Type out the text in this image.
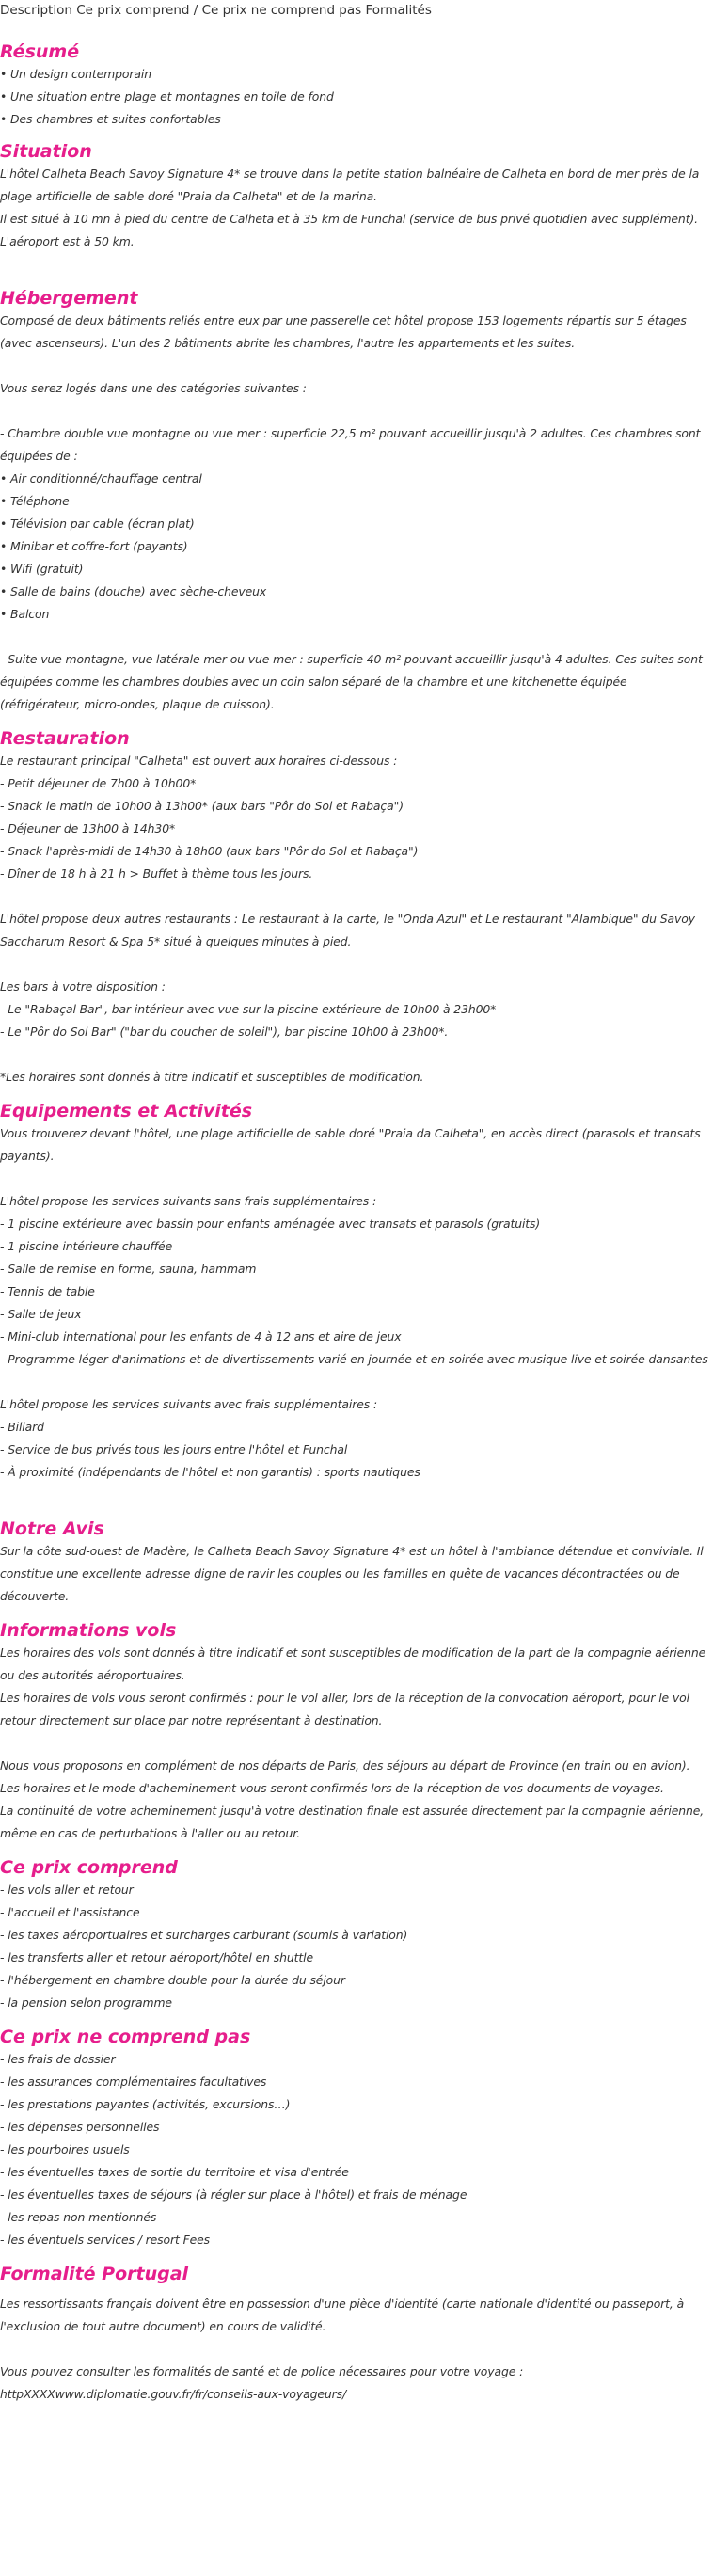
Description Ce prix comprend / Ce prix ne comprend pas Formalités
Résumé
• Un design contemporain
• Une situation entre plage et montagnes en toile de fond
• Des chambres et suites confortables
Situation
L'hôtel Calheta Beach Savoy Signature 4* se trouve dans la petite station balnéaire de Calheta en bord de mer près de la
plage artificielle de sable doré "Praia da Calheta" et de la marina.
Il est situé à 10 mn à pied du centre de Calheta et à 35 km de Funchal (service de bus privé quotidien avec supplément).
L'aéroport est à 50 km.
Hébergement
Composé de deux bâtiments reliés entre eux par une passerelle cet hôtel propose 153 logements répartis sur 5 étages
(avec ascenseurs). L'un des 2 bâtiments abrite les chambres, l'autre les appartements et les suites.
Vous serez logés dans une des catégories suivantes :
- Chambre double vue montagne ou vue mer : superficie 22,5 m² pouvant accueillir jusqu'à 2 adultes. Ces chambres sont
équipées de :
• Air conditionné/chauffage central
• Téléphone
• Télévision par cable (écran plat)
• Minibar et coffre-fort (payants)
• Wifi (gratuit)
• Salle de bains (douche) avec sèche-cheveux
• Balcon
- Suite vue montagne, vue latérale mer ou vue mer : superficie 40 m² pouvant accueillir jusqu'à 4 adultes. Ces suites sont
équipées comme les chambres doubles avec un coin salon séparé de la chambre et une kitchenette équipée
(réfrigérateur, micro-ondes, plaque de cuisson).
Restauration
Le restaurant principal "Calheta" est ouvert aux horaires ci-dessous :
- Petit déjeuner de 7h00 à 10h00*
- Snack le matin de 10h00 à 13h00* (aux bars "Pôr do Sol et Rabaça")
- Déjeuner de 13h00 à 14h30*
- Snack l'après-midi de 14h30 à 18h00 (aux bars "Pôr do Sol et Rabaça")
- Dîner de 18 h à 21 h > Buffet à thème tous les jours.
L'hôtel propose deux autres restaurants : Le restaurant à la carte, le "Onda Azul" et Le restaurant "Alambique" du Savoy
Saccharum Resort & Spa 5* situé à quelques minutes à pied.
Les bars à votre disposition :
- Le "Rabaçal Bar", bar intérieur avec vue sur la piscine extérieure de 10h00 à 23h00*
- Le "Pôr do Sol Bar" ("bar du coucher de soleil"), bar piscine 10h00 à 23h00*.
*Les horaires sont donnés à titre indicatif et susceptibles de modification.
Equipements et Activités
Vous trouverez devant l'hôtel, une plage artificielle de sable doré "Praia da Calheta", en accès direct (parasols et transats
payants).
L'hôtel propose les services suivants sans frais supplémentaires :
- 1 piscine extérieure avec bassin pour enfants aménagée avec transats et parasols (gratuits)
- 1 piscine intérieure chauffée
- Salle de remise en forme, sauna, hammam
- Tennis de table
- Salle de jeux
- Mini-club international pour les enfants de 4 à 12 ans et aire de jeux
- Programme léger d'animations et de divertissements varié en journée et en soirée avec musique live et soirée dansantes
L'hôtel propose les services suivants avec frais supplémentaires :
- Billard
- Service de bus privés tous les jours entre l'hôtel et Funchal
- À proximité (indépendants de l'hôtel et non garantis) : sports nautiques
Notre Avis
Sur la côte sud-ouest de Madère, le Calheta Beach Savoy Signature 4* est un hôtel à l'ambiance détendue et conviviale. Il
constitue une excellente adresse digne de ravir les couples ou les familles en quête de vacances décontractées ou de
découverte.
Informations vols
Les horaires des vols sont donnés à titre indicatif et sont susceptibles de modification de la part de la compagnie aérienne
ou des autorités aéroportuaires.
Les horaires de vols vous seront confirmés : pour le vol aller, lors de la réception de la convocation aéroport, pour le vol
retour directement sur place par notre représentant à destination.
Nous vous proposons en complément de nos départs de Paris, des séjours au départ de Province (en train ou en avion).
Les horaires et le mode d'acheminement vous seront confirmés lors de la réception de vos documents de voyages.
La continuité de votre acheminement jusqu'à votre destination finale est assurée directement par la compagnie aérienne,
même en cas de perturbations à l'aller ou au retour.
Ce prix comprend
- les vols aller et retour
- l'accueil et l'assistance
- les taxes aéroportuaires et surcharges carburant (soumis à variation)
- les transferts aller et retour aéroport/hôtel en shuttle
- l'hébergement en chambre double pour la durée du séjour
- la pension selon programme
Ce prix ne comprend pas
- les frais de dossier
- les assurances complémentaires facultatives
- les prestations payantes (activités, excursions…)
- les dépenses personnelles
- les pourboires usuels
- les éventuelles taxes de sortie du territoire et visa d'entrée
- les éventuelles taxes de séjours (à régler sur place à l'hôtel) et frais de ménage
- les repas non mentionnés
- les éventuels services / resort Fees
Formalité Portugal
Les ressortissants français doivent être en possession d'une pièce d'identité (carte nationale d'identité ou passeport, à
l'exclusion de tout autre document) en cours de validité.
Vous pouvez consulter les formalités de santé et de police nécessaires pour votre voyage :
httpXXXXwww.diplomatie.gouv.fr/fr/conseils-aux-voyageurs/
